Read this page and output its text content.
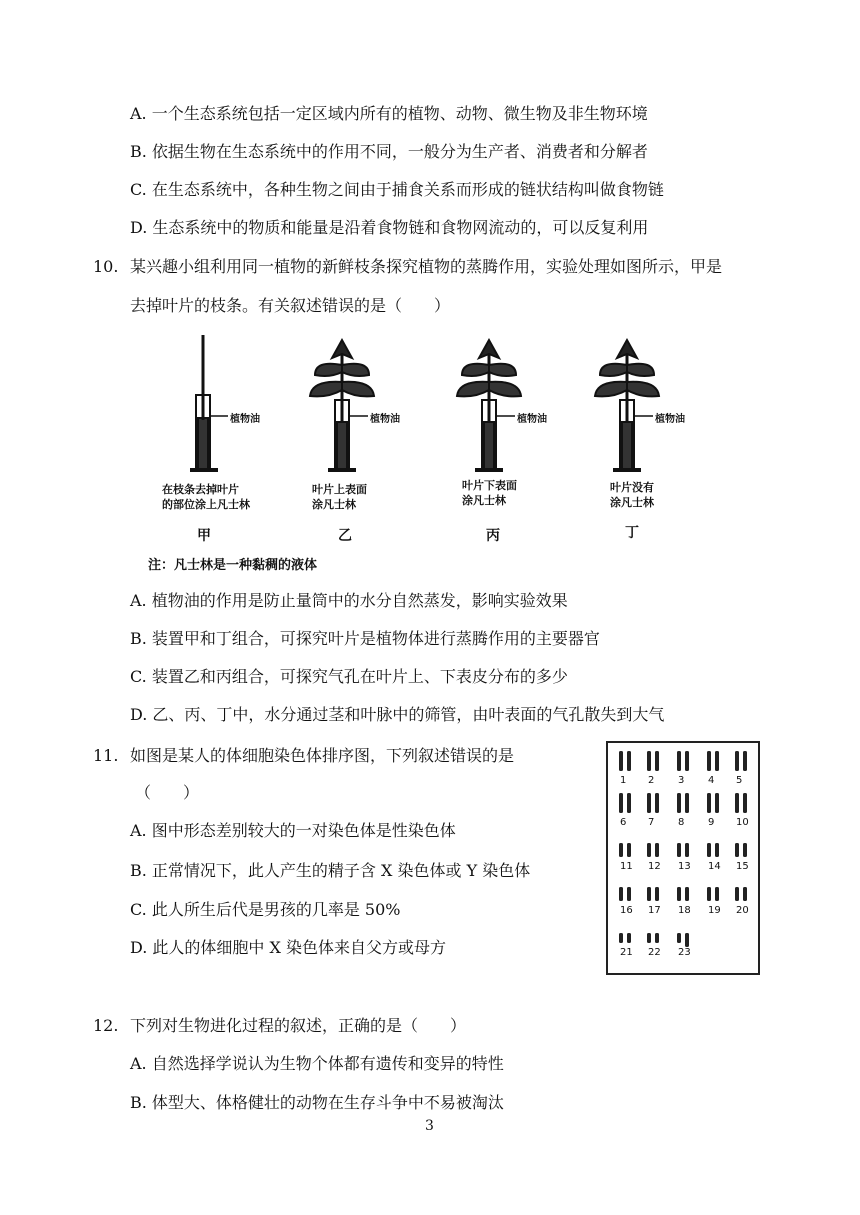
A. 一个生态系统包括一定区域内所有的植物、动物、微生物及非生物环境
B. 依据生物在生态系统中的作用不同，一般分为生产者、消费者和分解者
C. 在生态系统中，各种生物之间由于捕食关系而形成的链状结构叫做食物链
D. 生态系统中的物质和能量是沿着食物链和食物网流动的，可以反复利用
10. 某兴趣小组利用同一植物的新鲜枝条探究植物的蒸腾作用，实验处理如图所示，甲是
去掉叶片的枝条。有关叙述错误的是（　　）
植物油	植物油	植物油	植物油
在枝条去掉叶片
的部位涂上凡士林
叶片上表面
涂凡士林
叶片下表面
涂凡士林
叶片没有
涂凡士林
甲	乙	丙	丁
注：凡士林是一种黏稠的液体
A. 植物油的作用是防止量筒中的水分自然蒸发，影响实验效果
B. 装置甲和丁组合，可探究叶片是植物体进行蒸腾作用的主要器官
C. 装置乙和丙组合，可探究气孔在叶片上、下表皮分布的多少
D. 乙、丙、丁中，水分通过茎和叶脉中的筛管，由叶表面的气孔散失到大气
11. 如图是某人的体细胞染色体排序图，下列叙述错误的是
（　　）
A. 图中形态差别较大的一对染色体是性染色体
B. 正常情况下，此人产生的精子含 X 染色体或 Y 染色体
C. 此人所生后代是男孩的几率是 50%
D. 此人的体细胞中 X 染色体来自父方或母方
1 2 3 4 5
6 7 8 9 10
11 12 13 14 15
16 17 18 19 20
21 22 23
12. 下列对生物进化过程的叙述，正确的是（　　）
A. 自然选择学说认为生物个体都有遗传和变异的特性
B. 体型大、体格健壮的动物在生存斗争中不易被淘汰
3
